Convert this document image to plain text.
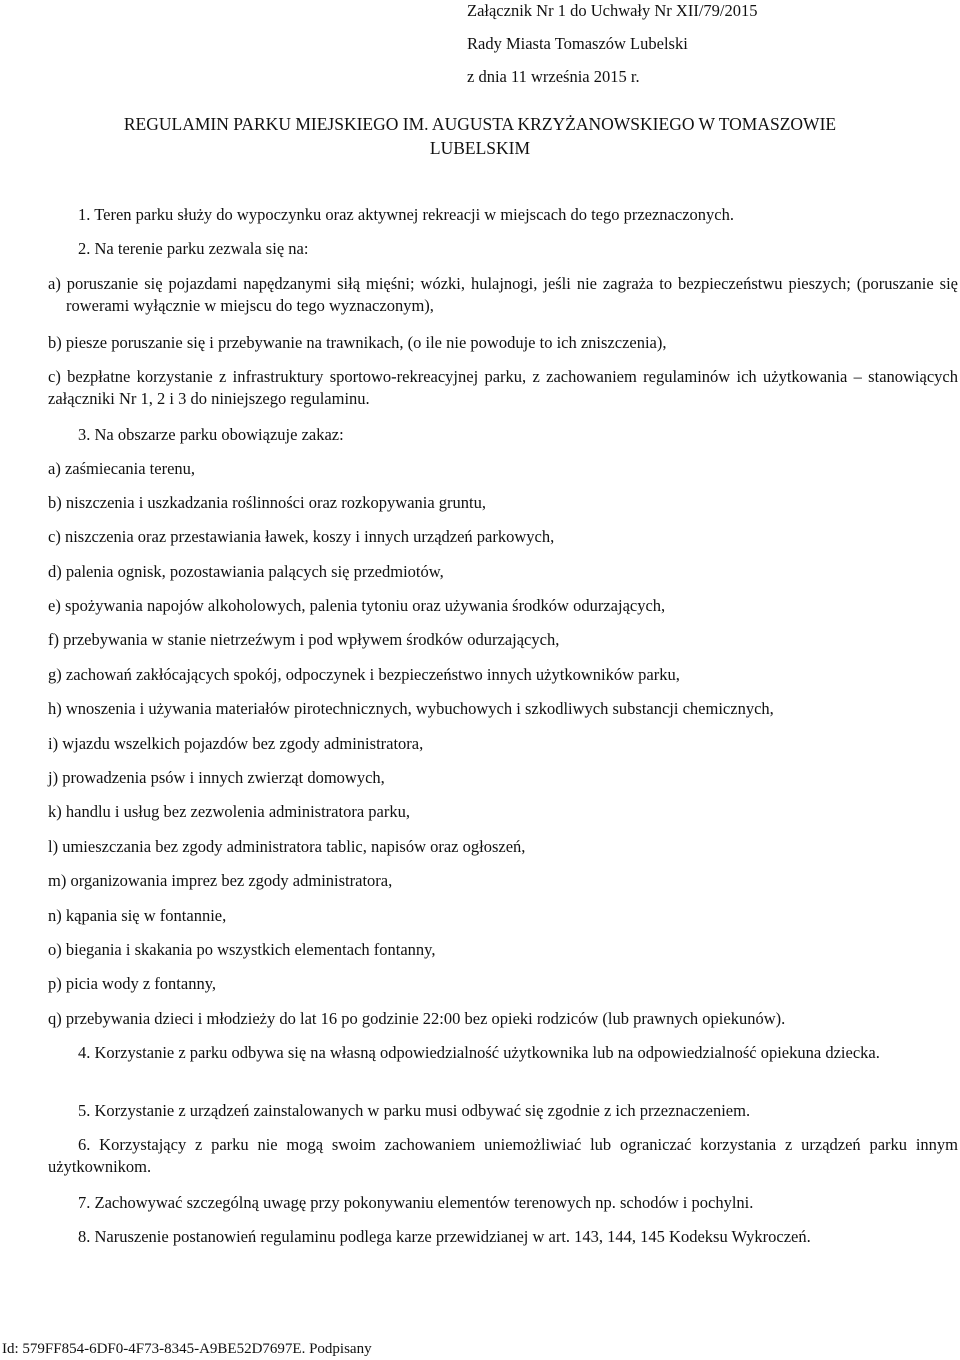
Załącznik Nr 1 do Uchwały Nr XII/79/2015
Rady Miasta Tomaszów Lubelski
z dnia 11 września 2015 r.
REGULAMIN PARKU MIEJSKIEGO IM. AUGUSTA KRZYŻANOWSKIEGO W TOMASZOWIE
LUBELSKIM
1. Teren parku służy do wypoczynku oraz aktywnej rekreacji w miejscach do tego przeznaczonych.
2. Na terenie parku zezwala się na:
a) poruszanie się pojazdami napędzanymi siłą mięśni; wózki, hulajnogi, jeśli nie zagraża to bezpieczeństwu pieszych; (poruszanie się rowerami wyłącznie w miejscu do tego wyznaczonym),
b) piesze poruszanie się i przebywanie na trawnikach, (o ile nie powoduje to ich zniszczenia),
c) bezpłatne korzystanie z infrastruktury sportowo-rekreacyjnej parku, z zachowaniem regulaminów ich użytkowania – stanowiących załączniki Nr 1, 2 i 3 do niniejszego regulaminu.
3. Na obszarze parku obowiązuje zakaz:
a) zaśmiecania terenu,
b) niszczenia i uszkadzania roślinności oraz rozkopywania gruntu,
c) niszczenia oraz przestawiania ławek, koszy i innych urządzeń parkowych,
d) palenia ognisk, pozostawiania palących się przedmiotów,
e) spożywania napojów alkoholowych, palenia tytoniu oraz używania środków odurzających,
f) przebywania w stanie nietrzeźwym i pod wpływem środków odurzających,
g) zachowań zakłócających spokój, odpoczynek i bezpieczeństwo innych użytkowników parku,
h) wnoszenia i używania materiałów pirotechnicznych, wybuchowych i szkodliwych substancji chemicznych,
i) wjazdu wszelkich pojazdów bez zgody administratora,
j) prowadzenia psów i innych zwierząt domowych,
k) handlu i usług bez zezwolenia administratora parku,
l) umieszczania bez zgody administratora tablic, napisów oraz ogłoszeń,
m) organizowania imprez bez zgody administratora,
n) kąpania się w fontannie,
o) biegania i skakania po wszystkich elementach fontanny,
p) picia wody z fontanny,
q) przebywania dzieci i młodzieży do lat 16 po godzinie 22:00 bez opieki rodziców (lub prawnych opiekunów).
4. Korzystanie z parku odbywa się na własną odpowiedzialność użytkownika lub na odpowiedzialność opiekuna dziecka.
5. Korzystanie z urządzeń zainstalowanych w parku musi odbywać się zgodnie z ich przeznaczeniem.
6. Korzystający z parku nie mogą swoim zachowaniem uniemożliwiać lub ograniczać korzystania z urządzeń parku innym użytkownikom.
7. Zachowywać szczególną uwagę przy pokonywaniu elementów terenowych np. schodów i pochylni.
8. Naruszenie postanowień regulaminu podlega karze przewidzianej w art. 143, 144, 145 Kodeksu Wykroczeń.
Id: 579FF854-6DF0-4F73-8345-A9BE52D7697E. Podpisany
